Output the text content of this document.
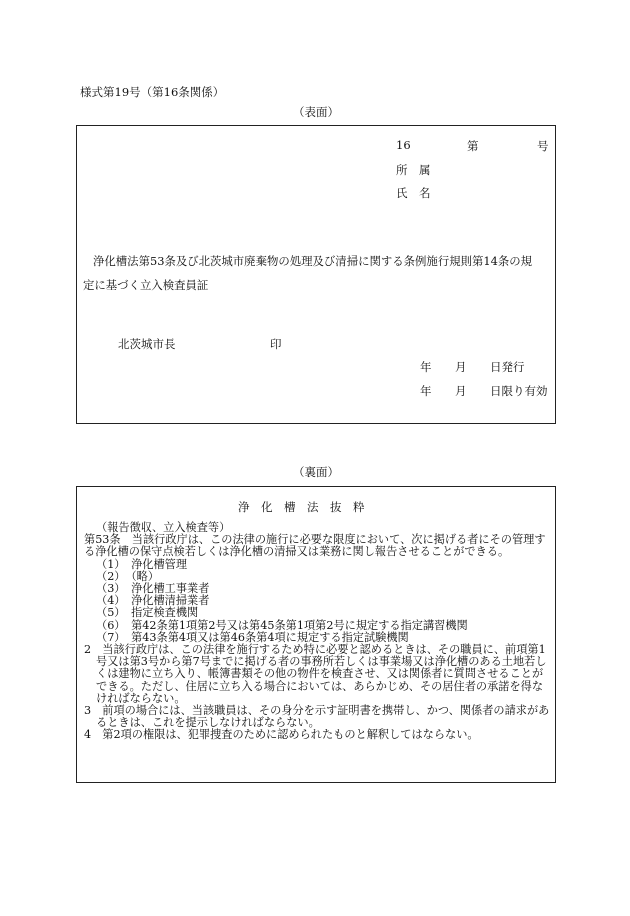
様式第19号（第16条関係）
（表面）
16	第	号
所　属
氏　名
浄化槽法第53条及び北茨城市廃棄物の処理及び清掃に関する条例施行規則第14条の規
定に基づく立入検査員証
北茨城市長	印
年 月 日発行
年 月 日限り有効
（裏面）
浄　化　槽　法　抜　粋
（報告徴収、立入検査等）
第53条　当該行政庁は、この法律の施行に必要な限度において、次に掲げる者にその管理する浄化槽の保守点検若しくは浄化槽の清掃又は業務に関し報告させることができる。
（1）　浄化槽管理
（2）　（略）
（3）　浄化槽工事業者
（4）　浄化槽清掃業者
（5）　指定検査機関
（6）　第42条第1項第2号又は第45条第1項第2号に規定する指定講習機関
（7）　第43条第4項又は第46条第4項に規定する指定試験機関
2　当該行政庁は、この法律を施行するため特に必要と認めるときは、その職員に、前項第1号又は第3号から第7号までに掲げる者の事務所若しくは事業場又は浄化槽のある土地若しくは建物に立ち入り、帳簿書類その他の物件を検査させ、又は関係者に質問させることができる。ただし、住居に立ち入る場合においては、あらかじめ、その居住者の承諾を得なければならない。
3　前項の場合には、当該職員は、その身分を示す証明書を携帯し、かつ、関係者の請求があるときは、これを提示しなければならない。
4　第2項の権限は、犯罪捜査のために認められたものと解釈してはならない。
